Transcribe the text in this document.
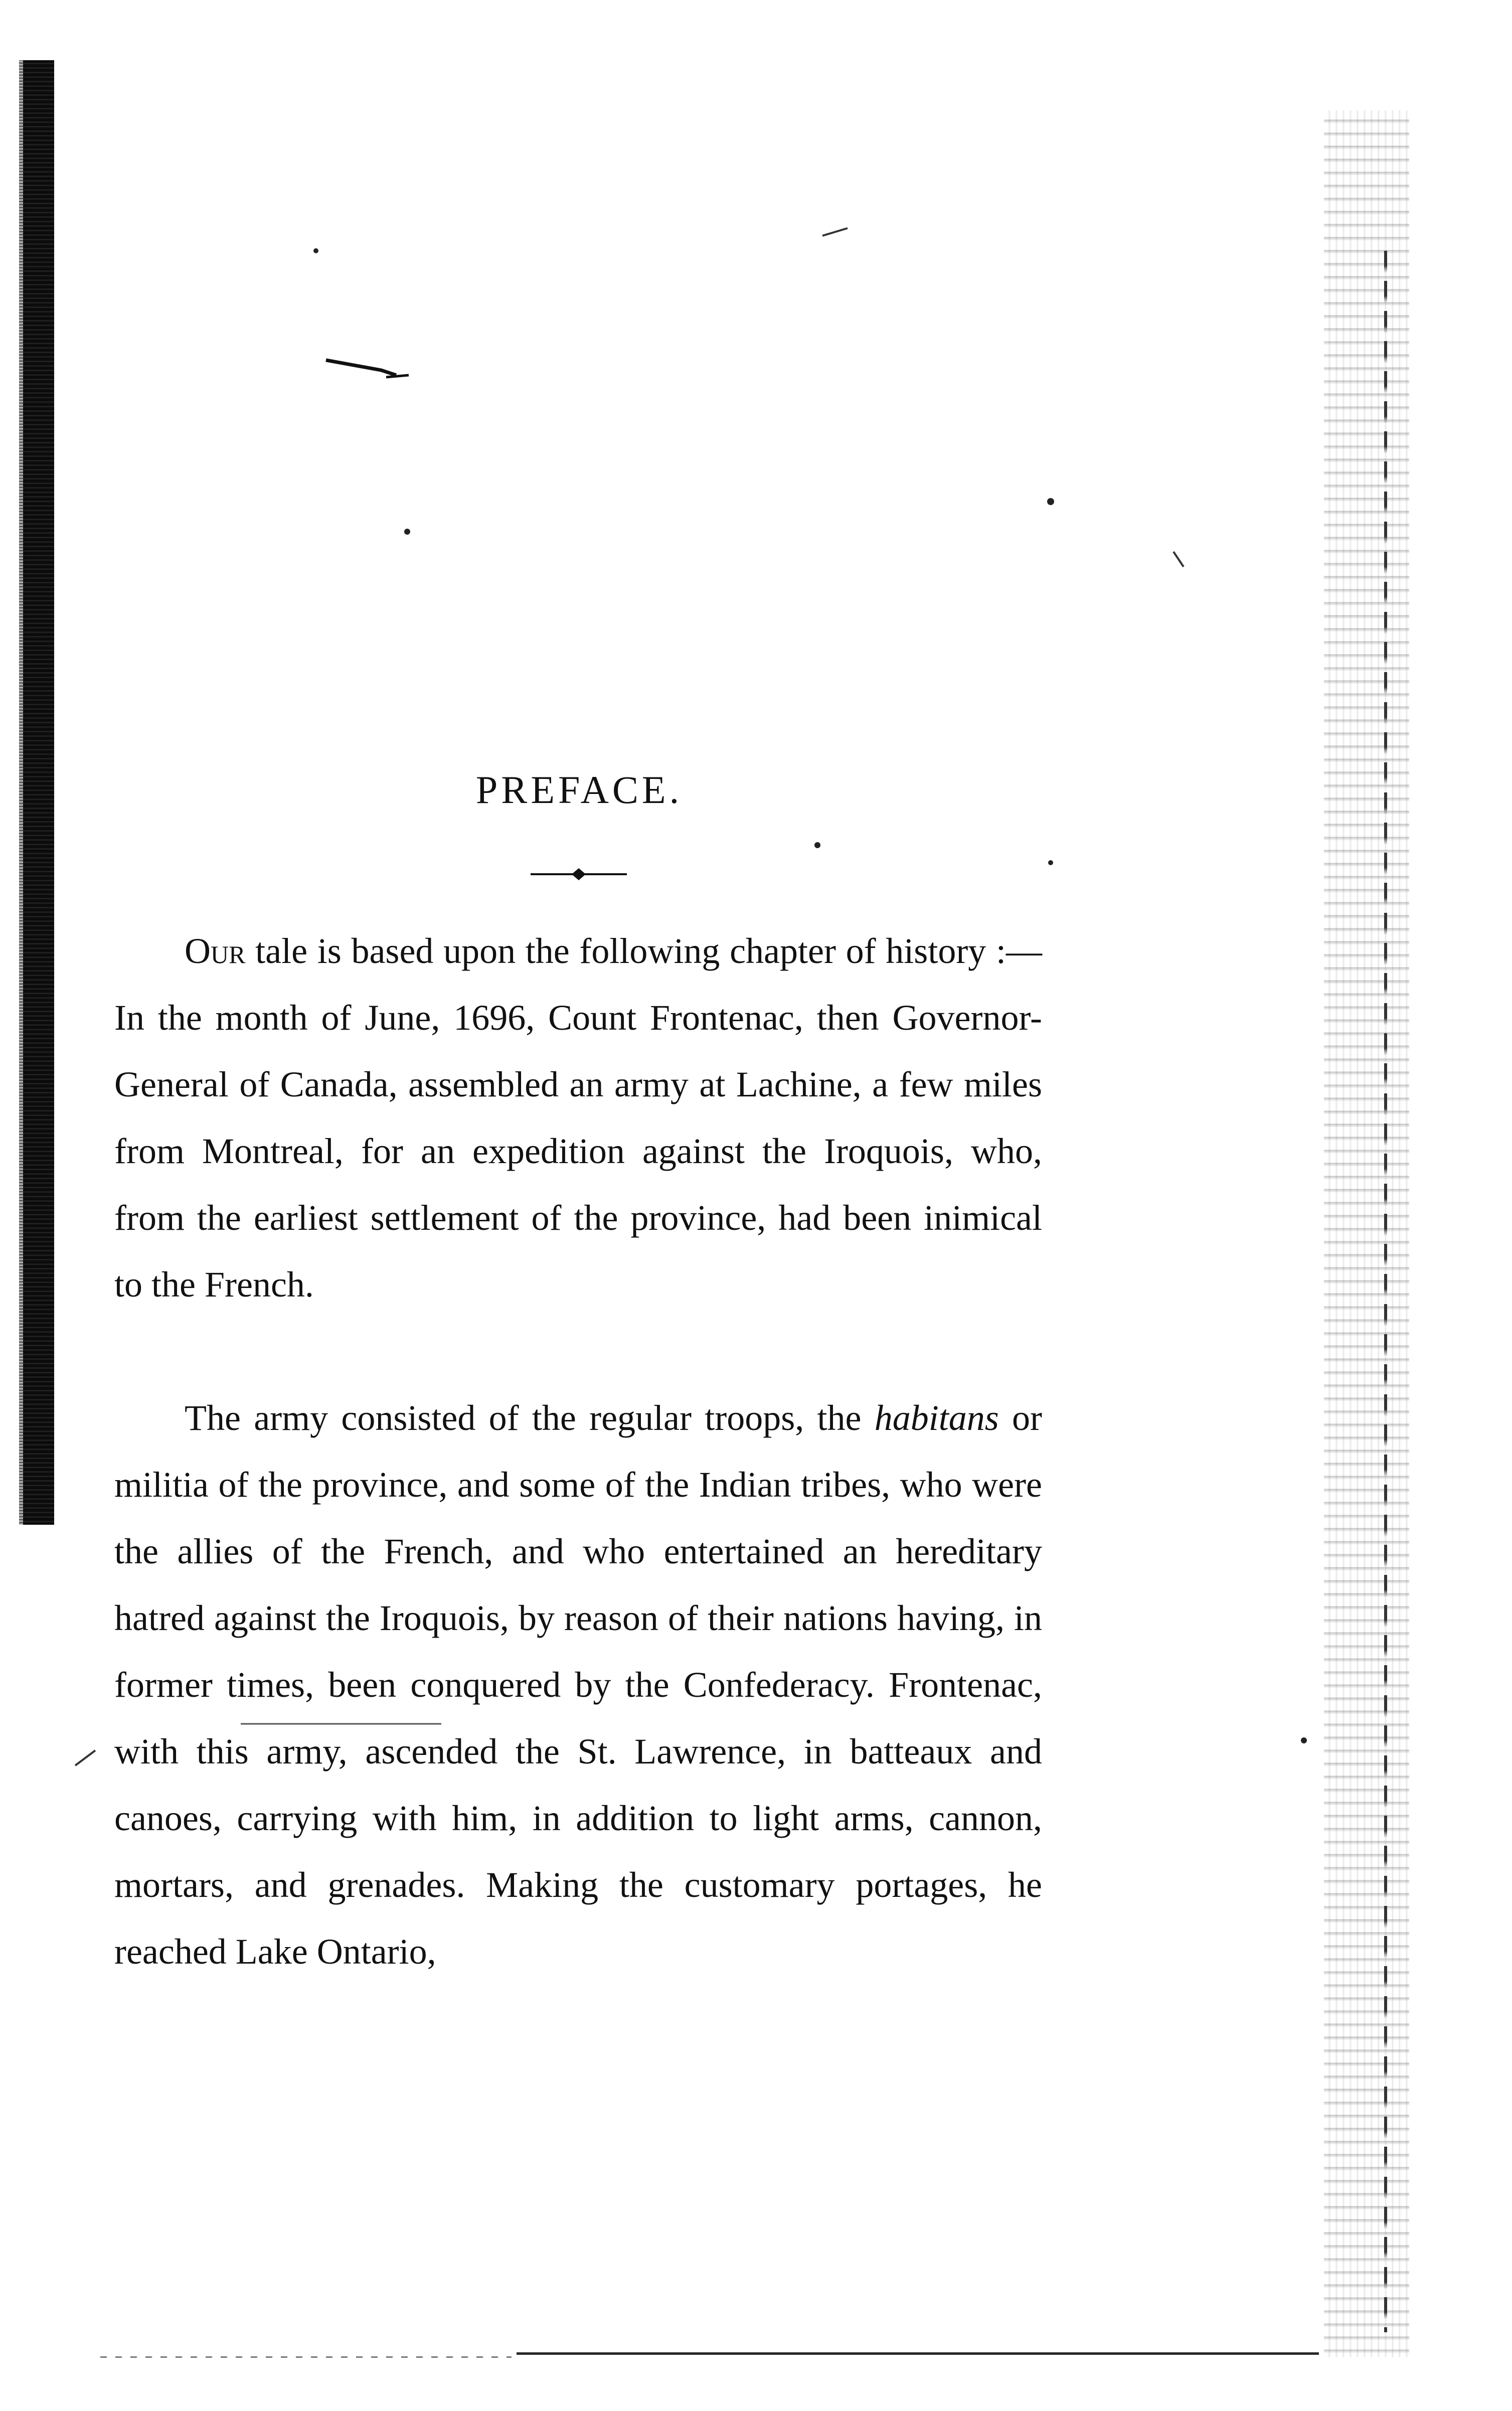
PREFACE.

Our tale is based upon the following chapter of history :—In the month of June, 1696, Count Frontenac, then Governor-General of Canada, assembled an army at Lachine, a few miles from Montreal, for an expedition against the Iroquois, who, from the earliest settlement of the province, had been inimical to the French.

The army consisted of the regular troops, the habitans or militia of the province, and some of the Indian tribes, who were the allies of the French, and who entertained an hereditary hatred against the Iroquois, by reason of their nations having, in former times, been conquered by the Confederacy. Frontenac, with this army, ascended the St. Lawrence, in batteaux and canoes, carrying with him, in addition to light arms, cannon, mortars, and grenades. Making the customary portages, he reached Lake Ontario,
